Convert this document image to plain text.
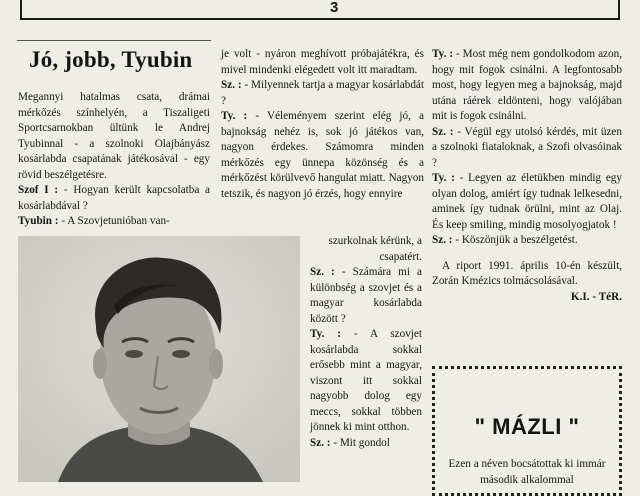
3
Jó, jobb, Tyubin

Megannyi hatalmas csata, drámai mérkőzés színhelyén, a Tiszaligeti Sportcsarnokban ültünk le Andrej Tyubinnal - a szolnoki Olajbányász kosárlabda csapatának játékosával - egy rövid beszélgetésre.

Szof I : - Hogyan került kapcsolatba a kosárlabdával ?

Tyubin : - A Szovjetunióban van-

je volt - nyáron meghívott próbajátékra, és mivel mindenki elégedett volt itt maradtam.

Sz. : - Milyennek tartja a magyar kosárlabdát ?

Ty. : - Véleményem szerint elég jó, a bajnokság nehéz is, sok jó játékos van, nagyon érdekes. Számomra minden mérkőzés egy ünnepa közönség és a mérkőzést körülvevő hangulat miatt. Nagyon tetszik, és nagyon jó érzés, hogy ennyire

szurkolnak kérünk, a csapatért.

Sz. : - Számára mi a különbség a szovjet és a magyar kosárlabda között ?

Ty. : - A szovjet kosárlabda sokkal erősebb mint a magyar, viszont itt sokkal nagyobb dolog egy meccs, sokkal többen jönnek ki mint otthon.

Sz. : - Mit gondol

Ty. : - Most még nem gondolkodom azon, hogy mit fogok csinálni. A legfontosabb most, hogy legyen meg a bajnokság, majd utána ráérek eldönteni, hogy valójában mit is fogok csinálni.

Sz. : - Végül egy utolsó kérdés, mit üzen a szolnoki fiataloknak, a Szofi olvasóinak ?

Ty. : - Legyen az életükben mindig egy olyan dolog, amiért így tudnak lelkesedni, aminek így tudnak örülni, mint az Olaj. És keep smiling, mindig mosolyogjatok !

Sz. : - Köszönjük a beszélgetést.

A riport 1991. április 10-én készült, Zorán Kmézics tolmácsolásával.

K.I. - TéR.

" MÁZLI "
Ezen a néven bocsátottak ki immár második alkalommal
